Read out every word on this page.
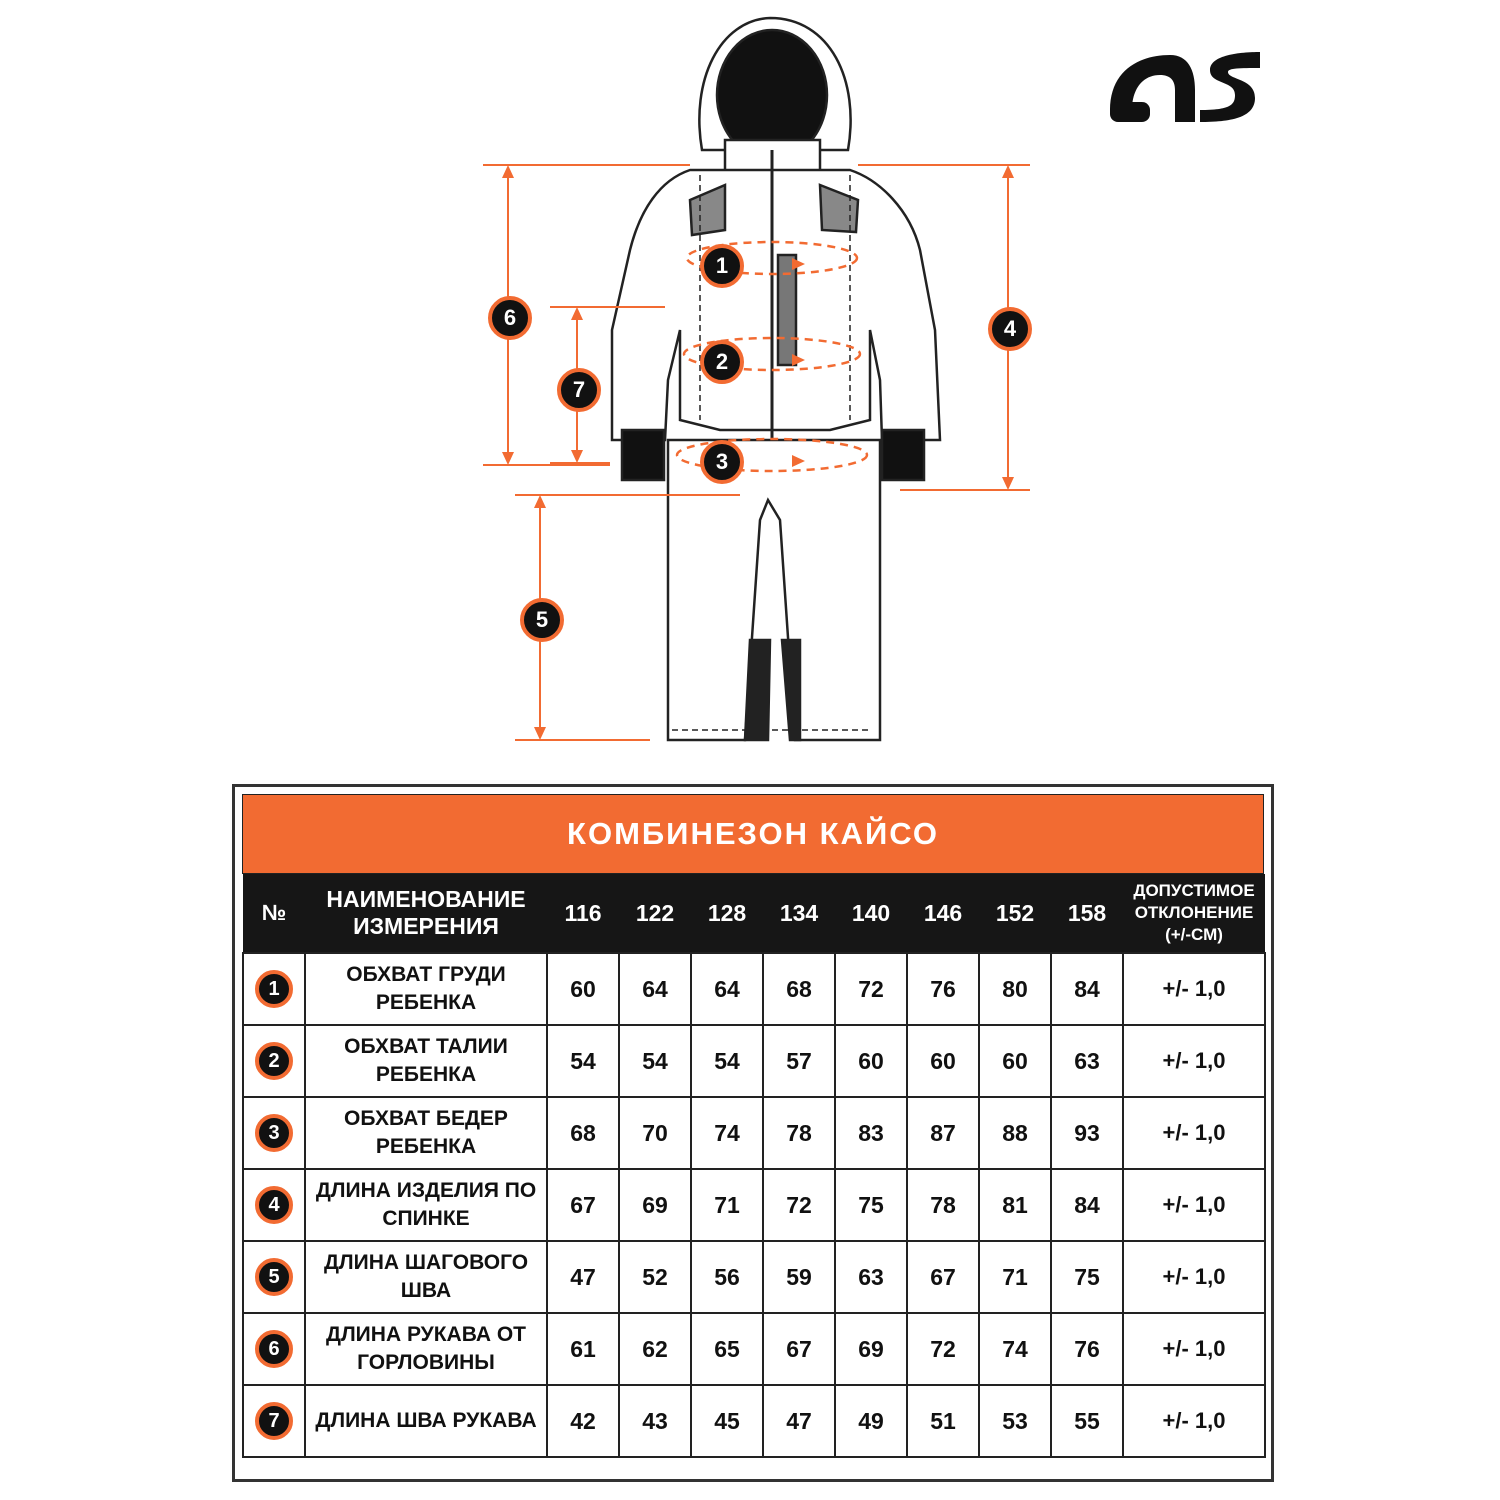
1
2
3
4
5
6
7
КОМБИНЕЗОН КАЙСО
№	НАИМЕНОВАНИЕ
ИЗМЕРЕНИЯ	116	122	128	134	140	146	152	158	ДОПУСТИМОЕ
ОТКЛОНЕНИЕ
(+/-СМ)
1	ОБХВАТ ГРУДИ
РЕБЕНКА	60	64	64	68	72	76	80	84	+/- 1,0
2	ОБХВАТ ТАЛИИ
РЕБЕНКА	54	54	54	57	60	60	60	63	+/- 1,0
3	ОБХВАТ БЕДЕР
РЕБЕНКА	68	70	74	78	83	87	88	93	+/- 1,0
4	ДЛИНА ИЗДЕЛИЯ ПО
СПИНКЕ	67	69	71	72	75	78	81	84	+/- 1,0
5	ДЛИНА ШАГОВОГО
ШВА	47	52	56	59	63	67	71	75	+/- 1,0
6	ДЛИНА РУКАВА ОТ
ГОРЛОВИНЫ	61	62	65	67	69	72	74	76	+/- 1,0
7	ДЛИНА ШВА РУКАВА	42	43	45	47	49	51	53	55	+/- 1,0
